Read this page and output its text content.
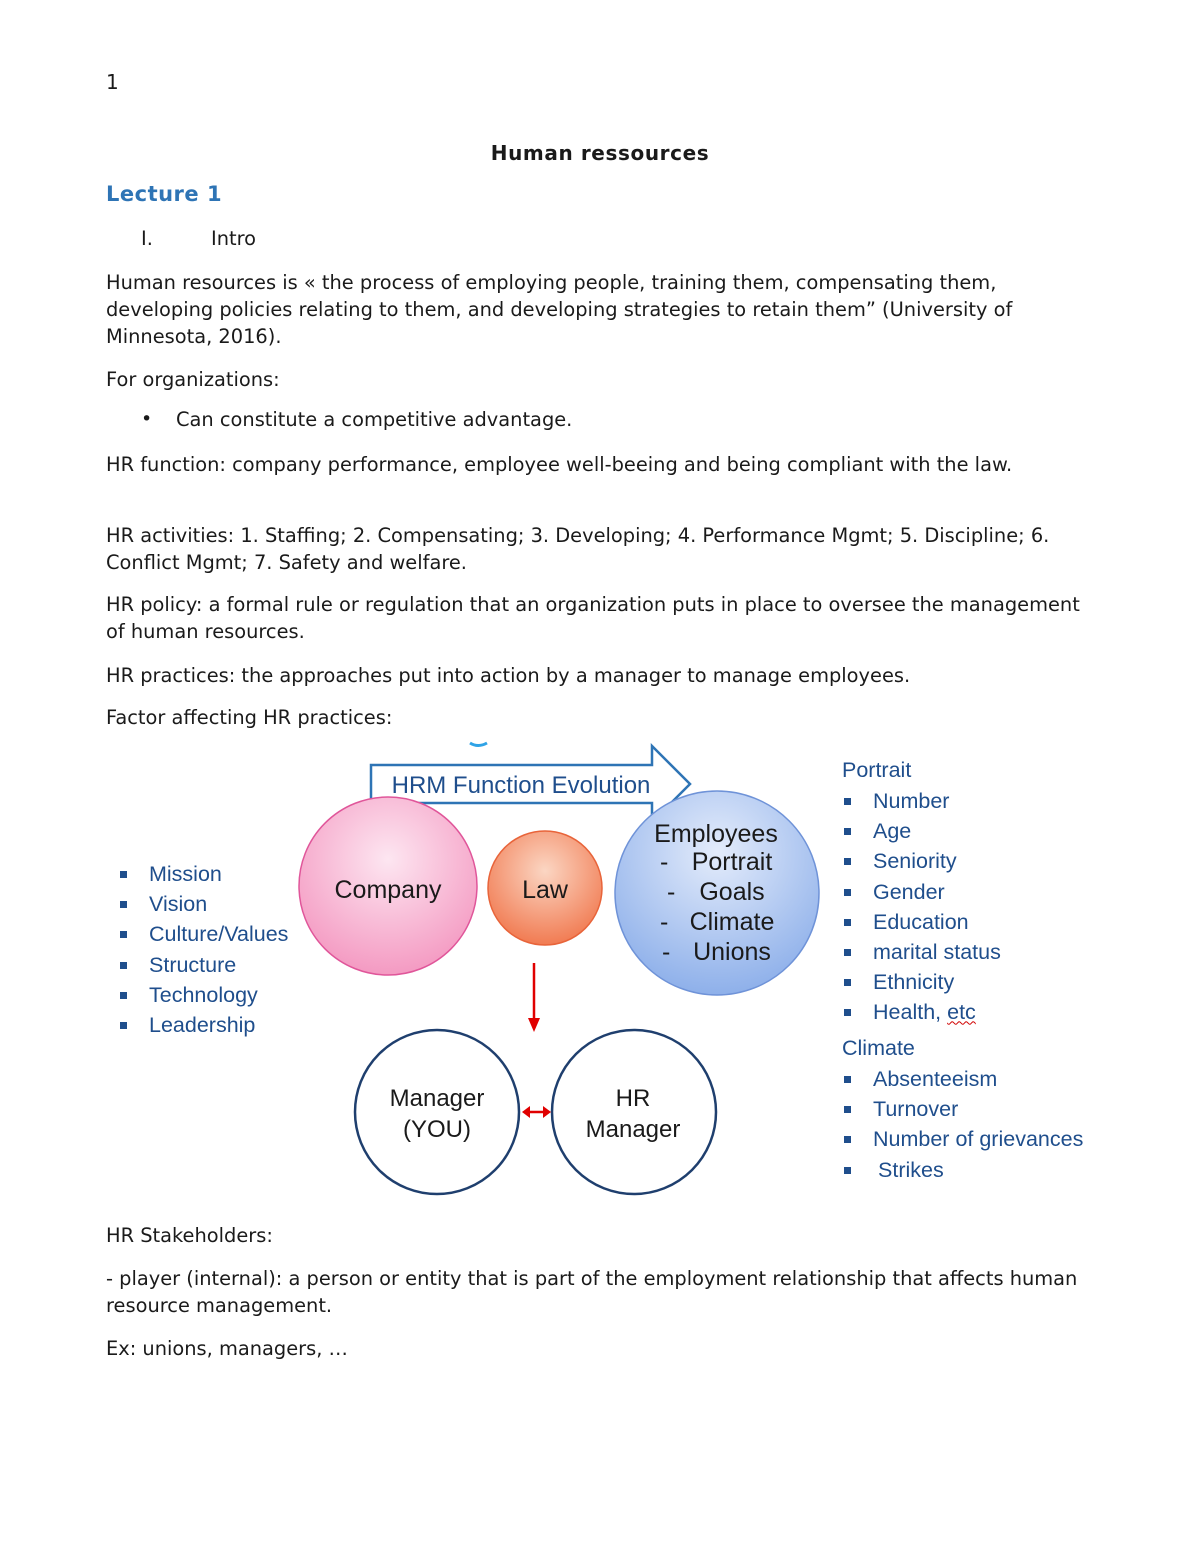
1
Human ressources
Lecture 1
I.	Intro
Human resources is « the process of employing people, training them, compensating them, developing policies relating to them, and developing strategies to retain them” (University of Minnesota, 2016).
For organizations:
• Can constitute a competitive advantage.
HR function: company performance, employee well-beeing and being compliant with the law.
HR activities: 1. Staffing; 2. Compensating; 3. Developing; 4. Performance Mgmt; 5. Discipline; 6. Conflict Mgmt; 7. Safety and welfare.
HR policy: a formal rule or regulation that an organization puts in place to oversee the management of human resources.
HR practices: the approaches put into action by a manager to manage employees.
Factor affecting HR practices:
HRM Function Evolution
Company	Law
Employees
- Portrait
- Goals
- Climate
- Unions
Manager
(YOU)
HR
Manager
Mission
Vision
Culture/Values
Structure
Technology
Leadership
Portrait
Number
Age
Seniority
Gender
Education
marital status
Ethnicity
Health, etc
Climate
Absenteeism
Turnover
Number of grievances
Strikes
HR Stakeholders:
- player (internal): a person or entity that is part of the employment relationship that affects human resource management.
Ex: unions, managers, …
